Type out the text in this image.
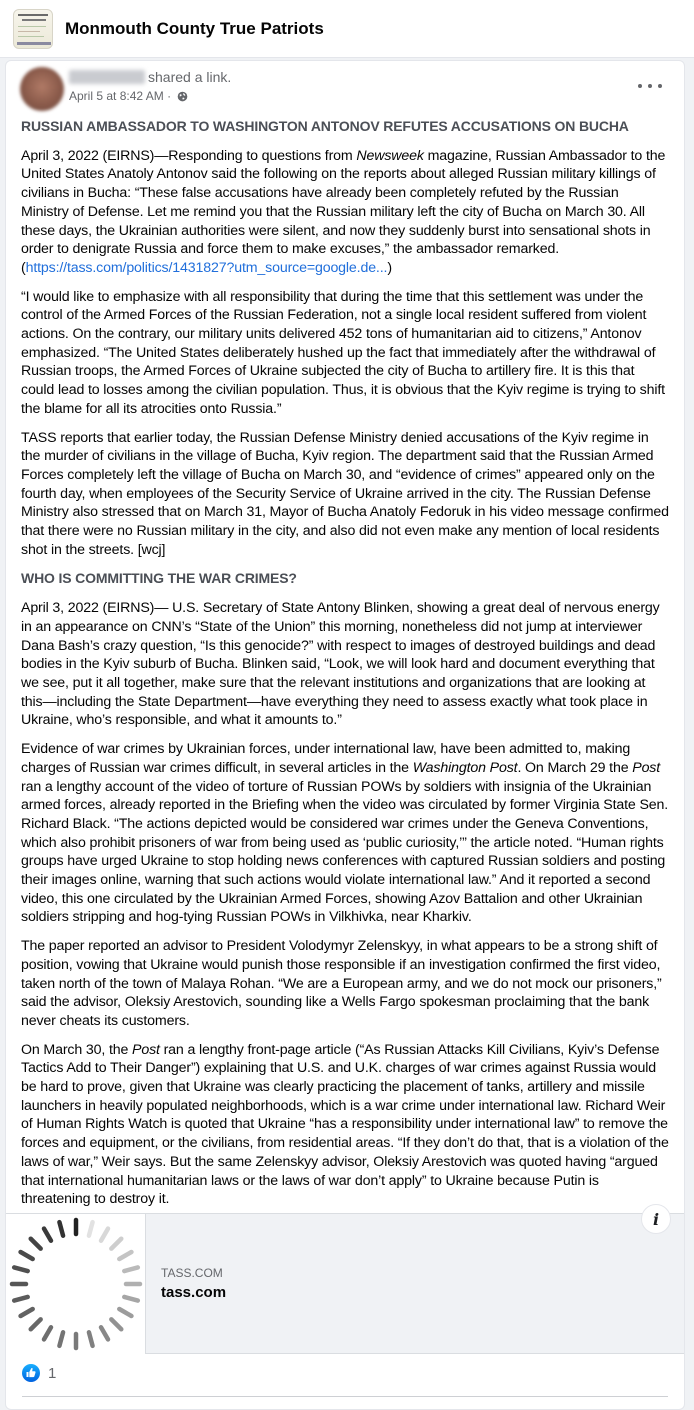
Monmouth County True Patriots
shared a link.
April 5 at 8:42 AM ·
RUSSIAN AMBASSADOR TO WASHINGTON ANTONOV REFUTES ACCUSATIONS ON BUCHA

April 3, 2022 (EIRNS)—Responding to questions from Newsweek magazine, Russian Ambassador to the United States Anatoly Antonov said the following on the reports about alleged Russian military killings of civilians in Bucha: “These false accusations have already been completely refuted by the Russian Ministry of Defense. Let me remind you that the Russian military left the city of Bucha on March 30. All these days, the Ukrainian authorities were silent, and now they suddenly burst into sensational shots in order to denigrate Russia and force them to make excuses,” the ambassador remarked. (https://tass.com/politics/1431827?utm_source=google.de...)

“I would like to emphasize with all responsibility that during the time that this settlement was under the control of the Armed Forces of the Russian Federation, not a single local resident suffered from violent actions. On the contrary, our military units delivered 452 tons of humanitarian aid to citizens,” Antonov emphasized. “The United States deliberately hushed up the fact that immediately after the withdrawal of Russian troops, the Armed Forces of Ukraine subjected the city of Bucha to artillery fire. It is this that could lead to losses among the civilian population. Thus, it is obvious that the Kyiv regime is trying to shift the blame for all its atrocities onto Russia.”

TASS reports that earlier today, the Russian Defense Ministry denied accusations of the Kyiv regime in the murder of civilians in the village of Bucha, Kyiv region. The department said that the Russian Armed Forces completely left the village of Bucha on March 30, and “evidence of crimes” appeared only on the fourth day, when employees of the Security Service of Ukraine arrived in the city. The Russian Defense Ministry also stressed that on March 31, Mayor of Bucha Anatoly Fedoruk in his video message confirmed that there were no Russian military in the city, and also did not even make any mention of local residents shot in the streets. [wcj]

WHO IS COMMITTING THE WAR CRIMES?

April 3, 2022 (EIRNS)— U.S. Secretary of State Antony Blinken, showing a great deal of nervous energy in an appearance on CNN’s “State of the Union” this morning, nonetheless did not jump at interviewer Dana Bash’s crazy question, “Is this genocide?” with respect to images of destroyed buildings and dead bodies in the Kyiv suburb of Bucha. Blinken said, “Look, we will look hard and document everything that we see, put it all together, make sure that the relevant institutions and organizations that are looking at this—including the State Department—have everything they need to assess exactly what took place in Ukraine, who’s responsible, and what it amounts to.”

Evidence of war crimes by Ukrainian forces, under international law, have been admitted to, making charges of Russian war crimes difficult, in several articles in the Washington Post. On March 29 the Post ran a lengthy account of the video of torture of Russian POWs by soldiers with insignia of the Ukrainian armed forces, already reported in the Briefing when the video was circulated by former Virginia State Sen. Richard Black. “The actions depicted would be considered war crimes under the Geneva Conventions, which also prohibit prisoners of war from being used as ‘public curiosity,’” the article noted. “Human rights groups have urged Ukraine to stop holding news conferences with captured Russian soldiers and posting their images online, warning that such actions would violate international law.” And it reported a second video, this one circulated by the Ukrainian Armed Forces, showing Azov Battalion and other Ukrainian soldiers stripping and hog-tying Russian POWs in Vilkhivka, near Kharkiv.

The paper reported an advisor to President Volodymyr Zelenskyy, in what appears to be a strong shift of position, vowing that Ukraine would punish those responsible if an investigation confirmed the first video, taken north of the town of Malaya Rohan. “We are a European army, and we do not mock our prisoners,” said the advisor, Oleksiy Arestovich, sounding like a Wells Fargo spokesman proclaiming that the bank never cheats its customers.

On March 30, the Post ran a lengthy front-page article (“As Russian Attacks Kill Civilians, Kyiv’s Defense Tactics Add to Their Danger”) explaining that U.S. and U.K. charges of war crimes against Russia would be hard to prove, given that Ukraine was clearly practicing the placement of tanks, artillery and missile launchers in heavily populated neighborhoods, which is a war crime under international law. Richard Weir of Human Rights Watch is quoted that Ukraine “has a responsibility under international law” to remove the forces and equipment, or the civilians, from residential areas. “If they don’t do that, that is a violation of the laws of war,” Weir says. But the same Zelenskyy advisor, Oleksiy Arestovich was quoted having “argued that international humanitarian laws or the laws of war don’t apply” to Ukraine because Putin is threatening to destroy it.

TASS.COM
tass.com
i
1
